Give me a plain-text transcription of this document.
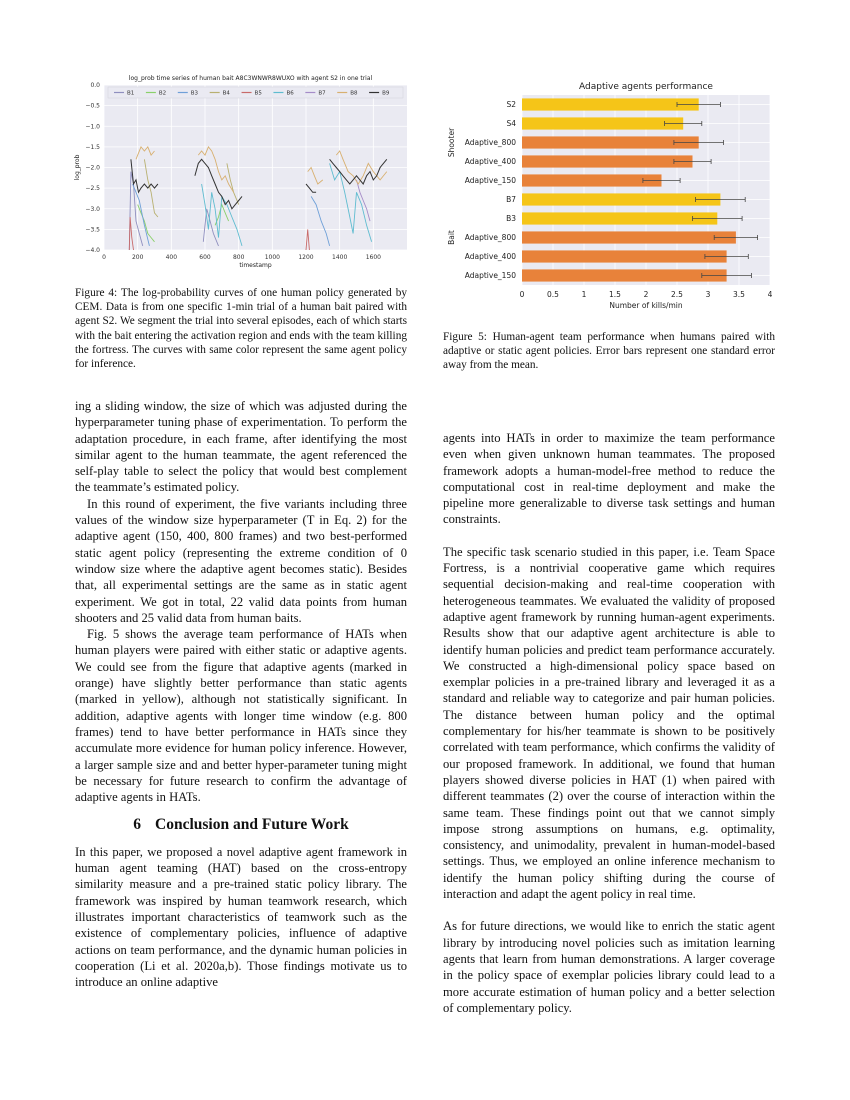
0	200	400	600	800	1000	1200	1400	1600
0.0
−0.5
−1.0
−1.5
−2.0
−2.5
−3.0
−3.5
−4.0
log_prob time series of human bait A8C3WNWR8WUXO with agent S2 in one trial
timestamp
log_prob
B1	B2	B3	B4	B5	B6	B7	B8	B9
Figure 4: The log-probability curves of one human policy generated by CEM. Data is from one specific 1-min trial of a human bait paired with agent S2. We segment the trial into several episodes, each of which starts with the bait entering the activation region and ends with the team killing the fortress. The curves with same color represent the same agent policy for inference.
0	0.5	1	1.5	2	2.5	3	3.5	4
Adaptive agents performance
Number of kills/min
S2
S4
Adaptive_800
Adaptive_400
Adaptive_150
B7
B3
Adaptive_800
Adaptive_400
Adaptive_150
Shooter
Bait
Figure 5: Human-agent team performance when humans paired with adaptive or static agent policies. Error bars represent one standard error away from the mean.

ing a sliding window, the size of which was adjusted during the hyperparameter tuning phase of experimentation. To perform the adaptation procedure, in each frame, after identifying the most similar agent to the human teammate, the agent referenced the self-play table to select the policy that would best complement the teammate’s estimated policy.

In this round of experiment, the five variants including three values of the window size hyperparameter (T in Eq. 2) for the adaptive agent (150, 400, 800 frames) and two best-performed static agent policy (representing the extreme condition of 0 window size where the adaptive agent becomes static). Besides that, all experimental settings are the same as in static agent experiment. We got in total, 22 valid data points from human shooters and 25 valid data from human baits.

Fig. 5 shows the average team performance of HATs when human players were paired with either static or adaptive agents. We could see from the figure that adaptive agents (marked in orange) have slightly better performance than static agents (marked in yellow), although not statistically significant. In addition, adaptive agents with longer time window (e.g. 800 frames) tend to have better performance in HATs since they accumulate more evidence for human policy inference. However, a larger sample size and and better hyper-parameter tuning might be necessary for future research to confirm the advantage of adaptive agents in HATs.

6 Conclusion and Future Work

In this paper, we proposed a novel adaptive agent framework in human agent teaming (HAT) based on the cross-entropy similarity measure and a pre-trained static policy library. The framework was inspired by human teamwork research, which illustrates important characteristics of teamwork such as the existence of complementary policies, influence of adaptive actions on team performance, and the dynamic human policies in cooperation (Li et al. 2020a,b). Those findings motivate us to introduce an online adaptive

agents into HATs in order to maximize the team performance even when given unknown human teammates. The proposed framework adopts a human-model-free method to reduce the computational cost in real-time deployment and make the pipeline more generalizable to diverse task settings and human constraints.

The specific task scenario studied in this paper, i.e. Team Space Fortress, is a nontrivial cooperative game which requires sequential decision-making and real-time cooperation with heterogeneous teammates. We evaluated the validity of proposed adaptive agent framework by running human-agent experiments. Results show that our adaptive agent architecture is able to identify human policies and predict team performance accurately. We constructed a high-dimensional policy space based on exemplar policies in a pre-trained library and leveraged it as a standard and reliable way to categorize and pair human policies. The distance between human policy and the optimal complementary for his/her teammate is shown to be positively correlated with team performance, which confirms the validity of our proposed framework. In additional, we found that human players showed diverse policies in HAT (1) when paired with different teammates (2) over the course of interaction within the same team. These findings point out that we cannot simply impose strong assumptions on humans, e.g. optimality, consistency, and unimodality, prevalent in human-model-based settings. Thus, we employed an online inference mechanism to identify the human policy shifting during the course of interaction and adapt the agent policy in real time.

As for future directions, we would like to enrich the static agent library by introducing novel policies such as imitation learning agents that learn from human demonstrations. A larger coverage in the policy space of exemplar policies library could lead to a more accurate estimation of human policy and a better selection of complementary policy.
